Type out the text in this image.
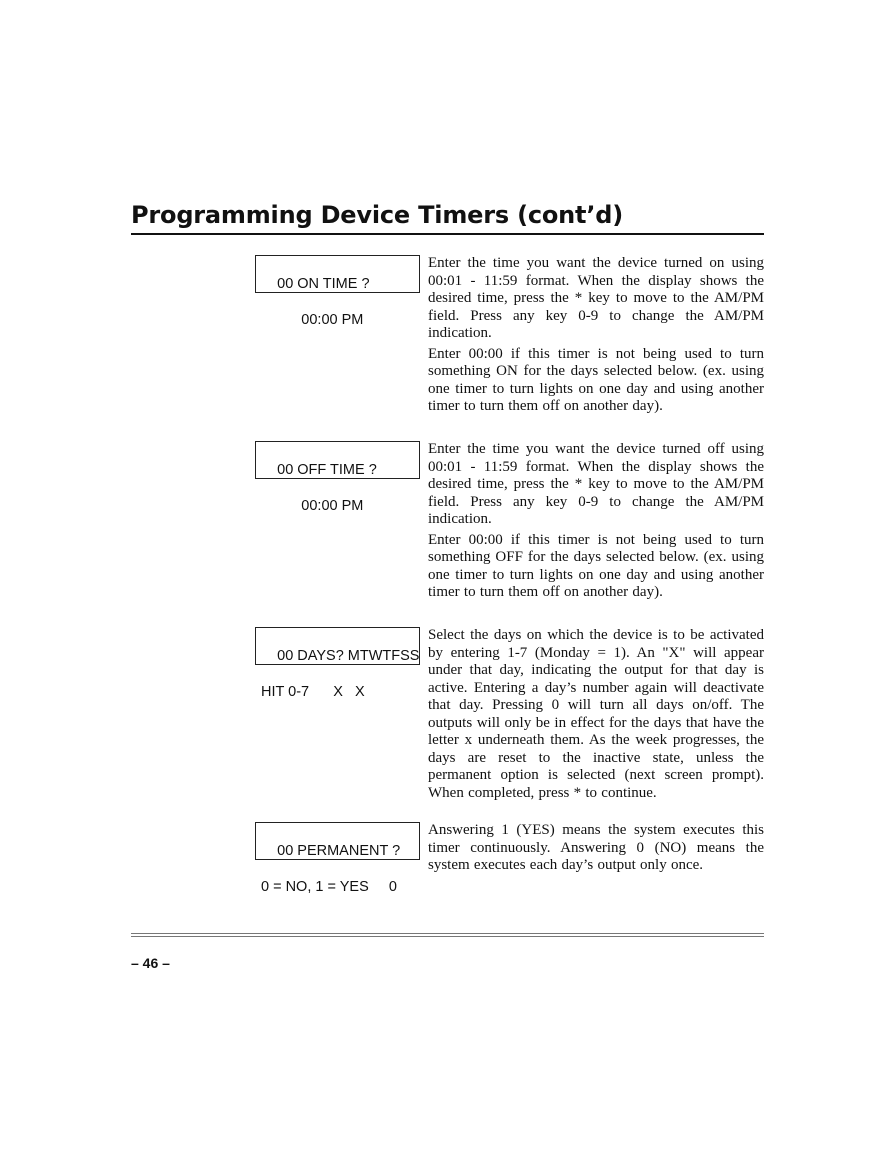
Programming Device Timers (cont’d)

00 ON TIME ?

00:00 PM

Enter the time you want the device turned on using 00:01 - 11:59 format. When the display shows the desired time, press the * key to move to the AM/PM field. Press any key 0-9 to change the AM/PM indication.

Enter 00:00 if this timer is not being used to turn something ON for the days selected below. (ex. using one timer to turn lights on one day and using another timer to turn them off on another day).

00 OFF TIME ?

00:00 PM

Enter the time you want the device turned off using 00:01 - 11:59 format. When the display shows the desired time, press the * key to move to the AM/PM field. Press any key 0-9 to change the AM/PM indication.

Enter 00:00 if this timer is not being used to turn something OFF for the days selected below. (ex. using one timer to turn lights on one day and using another timer to turn them off on another day).

00 DAYS? MTWTFSS

HIT 0-7      X   X

Select the days on which the device is to be activated by entering 1-7 (Monday = 1). An "X" will appear under that day, indicating the output for that day is active. Entering a day’s number again will deactivate that day. Pressing 0 will turn all days on/off. The outputs will only be in effect for the days that have the letter x underneath them. As the week progresses, the days are reset to the inactive state, unless the permanent option is selected (next screen prompt). When completed, press * to continue.

00 PERMANENT ?

0 = NO, 1 = YES     0

Answering 1 (YES) means the system executes this timer continuously. Answering 0 (NO) means the system executes each day’s output only once.

– 46 –
